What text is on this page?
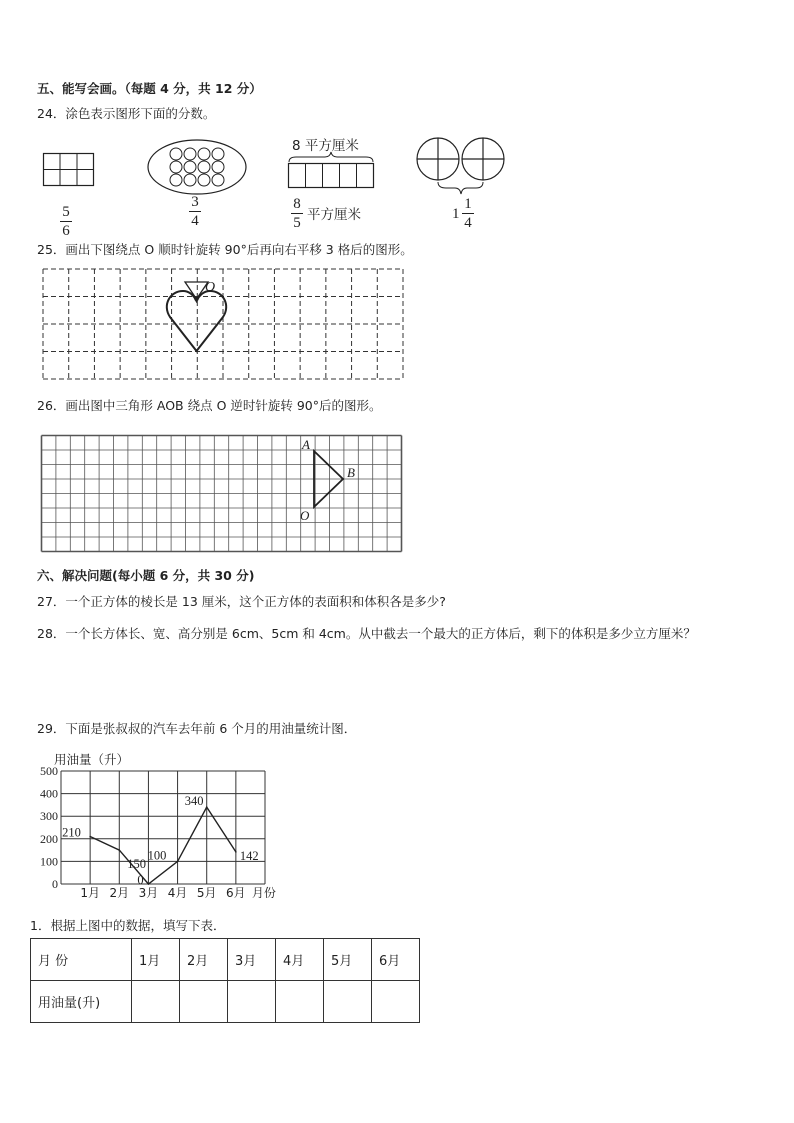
五、能写会画。（每题 4 分，共 12 分）
24．涂色表示图形下面的分数。
5
6
3
4
8 平方厘米
8
5 平方厘米	1
1
4
25．画出下图绕点 O 顺时针旋转 90°后再向右平移 3 格后的图形。
O
26．画出图中三角形 AOB 绕点 O 逆时针旋转 90°后的图形。
A
B
O
六、解决问题(每小题 6 分，共 30 分)
27．一个正方体的棱长是 13 厘米，这个正方体的表面积和体积各是多少?
28．一个长方体长、宽、高分别是 6cm、5cm 和 4cm。从中截去一个最大的正方体后，剩下的体积是多少立方厘米？
29．下面是张叔叔的汽车去年前 6 个月的用油量统计图．
用油量（升）
0
100
200
300
400
500
1月 2月 3月 4月 5月 6月 月份
210
150
0
100
340
142
1．根据上图中的数据，填写下表．
月 份	1月	2月	3月	4月	5月	6月
用油量(升)						
